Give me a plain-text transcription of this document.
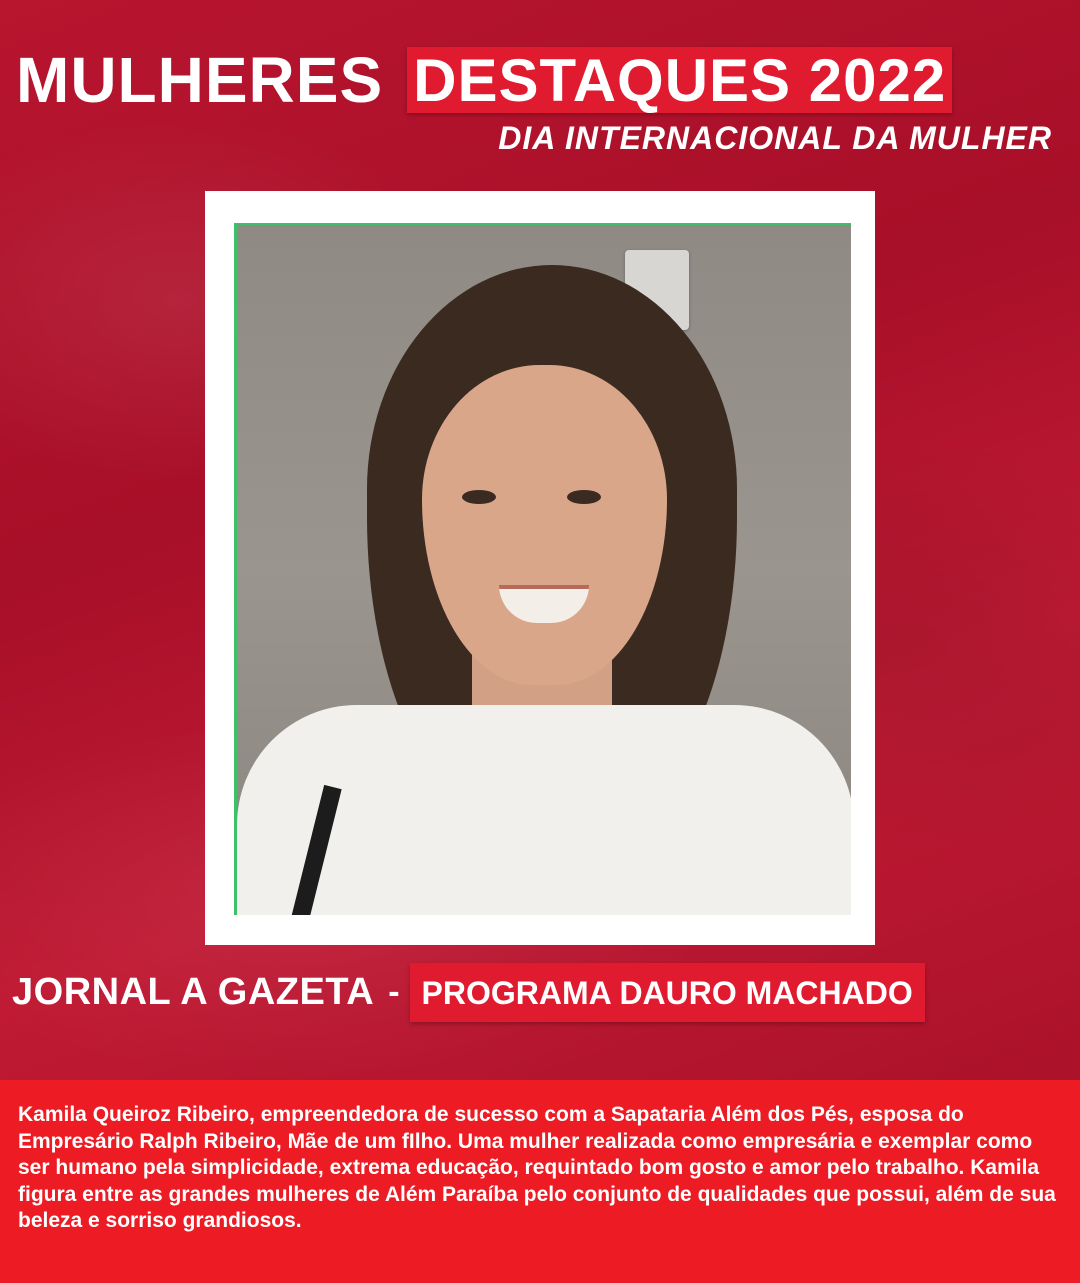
MULHERES DESTAQUES 2022
DIA INTERNACIONAL DA MULHER
JORNAL A GAZETA - PROGRAMA DAURO MACHADO

Kamila Queiroz Ribeiro, empreendedora de sucesso com a Sapataria Além dos Pés, esposa do Empresário Ralph Ribeiro, Mãe de um fIlho. Uma mulher realizada como empresária e exemplar como ser humano pela simplicidade, extrema educação, requintado bom gosto e amor pelo trabalho. Kamila figura entre as grandes mulheres de Além Paraíba pelo conjunto de qualidades que possui, além de sua beleza e sorriso grandiosos.
